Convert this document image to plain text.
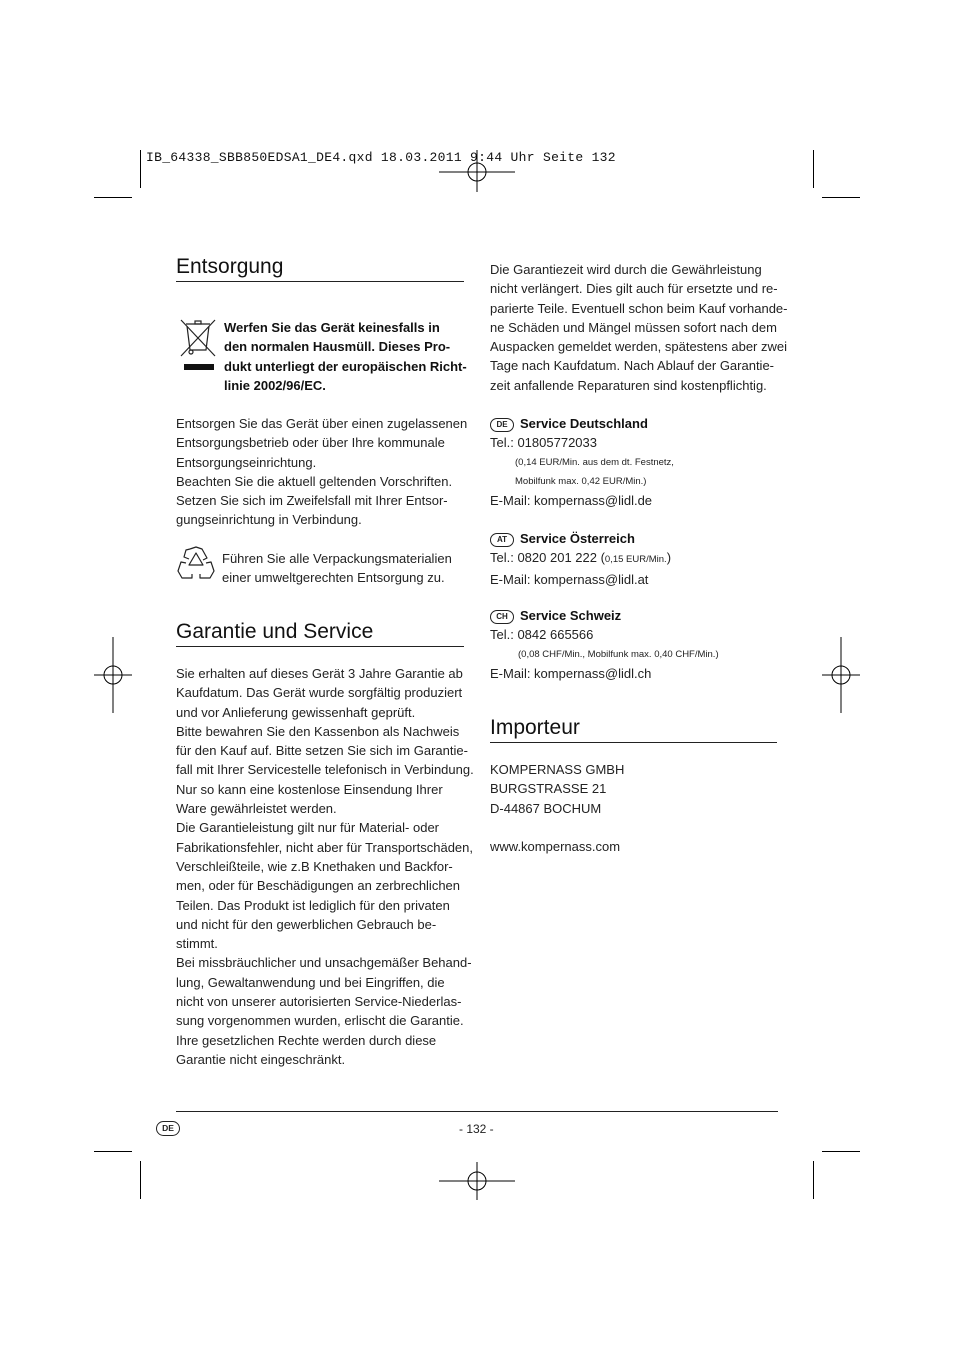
IB_64338_SBB850EDSA1_DE4.qxd 18.03.2011 9:44 Uhr Seite 132
Entsorgung
Werfen Sie das Gerät keinesfalls in
den normalen Hausmüll. Dieses Pro-
dukt unterliegt der europäischen Richt-
linie 2002/96/EC.
Entsorgen Sie das Gerät über einen zugelassenen
Entsorgungsbetrieb oder über Ihre kommunale
Entsorgungseinrichtung.
Beachten Sie die aktuell geltenden Vorschriften.
Setzen Sie sich im Zweifelsfall mit Ihrer Entsor-
gungseinrichtung in Verbindung.
Führen Sie alle Verpackungsmaterialien
einer umweltgerechten Entsorgung zu.
Garantie und Service
Sie erhalten auf dieses Gerät 3 Jahre Garantie ab
Kaufdatum. Das Gerät wurde sorgfältig produziert
und vor Anlieferung gewissenhaft geprüft.
Bitte bewahren Sie den Kassenbon als Nachweis
für den Kauf auf. Bitte setzen Sie sich im Garantie-
fall mit Ihrer Servicestelle telefonisch in Verbindung.
Nur so kann eine kostenlose Einsendung Ihrer
Ware gewährleistet werden.
Die Garantieleistung gilt nur für Material- oder
Fabrikationsfehler, nicht aber für Transportschäden,
Verschleißteile, wie z.B Knethaken und Backfor-
men, oder für Beschädigungen an zerbrechlichen
Teilen. Das Produkt ist lediglich für den privaten
und nicht für den gewerblichen Gebrauch be-
stimmt.
Bei missbräuchlicher und unsachgemäßer Behand-
lung, Gewaltanwendung und bei Eingriffen, die
nicht von unserer autorisierten Service-Niederlas-
sung vorgenommen wurden, erlischt die Garantie.
Ihre gesetzlichen Rechte werden durch diese
Garantie nicht eingeschränkt.
Die Garantiezeit wird durch die Gewährleistung
nicht verlängert. Dies gilt auch für ersetzte und re-
parierte Teile. Eventuell schon beim Kauf vorhande-
ne Schäden und Mängel müssen sofort nach dem
Auspacken gemeldet werden, spätestens aber zwei
Tage nach Kaufdatum. Nach Ablauf der Garantie-
zeit anfallende Reparaturen sind kostenpflichtig.
DE Service Deutschland
Tel.: 01805772033
(0,14 EUR/Min. aus dem dt. Festnetz,
Mobilfunk max. 0,42 EUR/Min.)
E-Mail: kompernass@lidl.de
AT Service Österreich
Tel.: 0820 201 222 (0,15 EUR/Min.)
E-Mail: kompernass@lidl.at
CH Service Schweiz
Tel.: 0842 665566
(0,08 CHF/Min., Mobilfunk max. 0,40 CHF/Min.)
E-Mail: kompernass@lidl.ch
Importeur
KOMPERNASS GMBH
BURGSTRASSE 21
D-44867 BOCHUM
www.kompernass.com
DE	- 132 -
